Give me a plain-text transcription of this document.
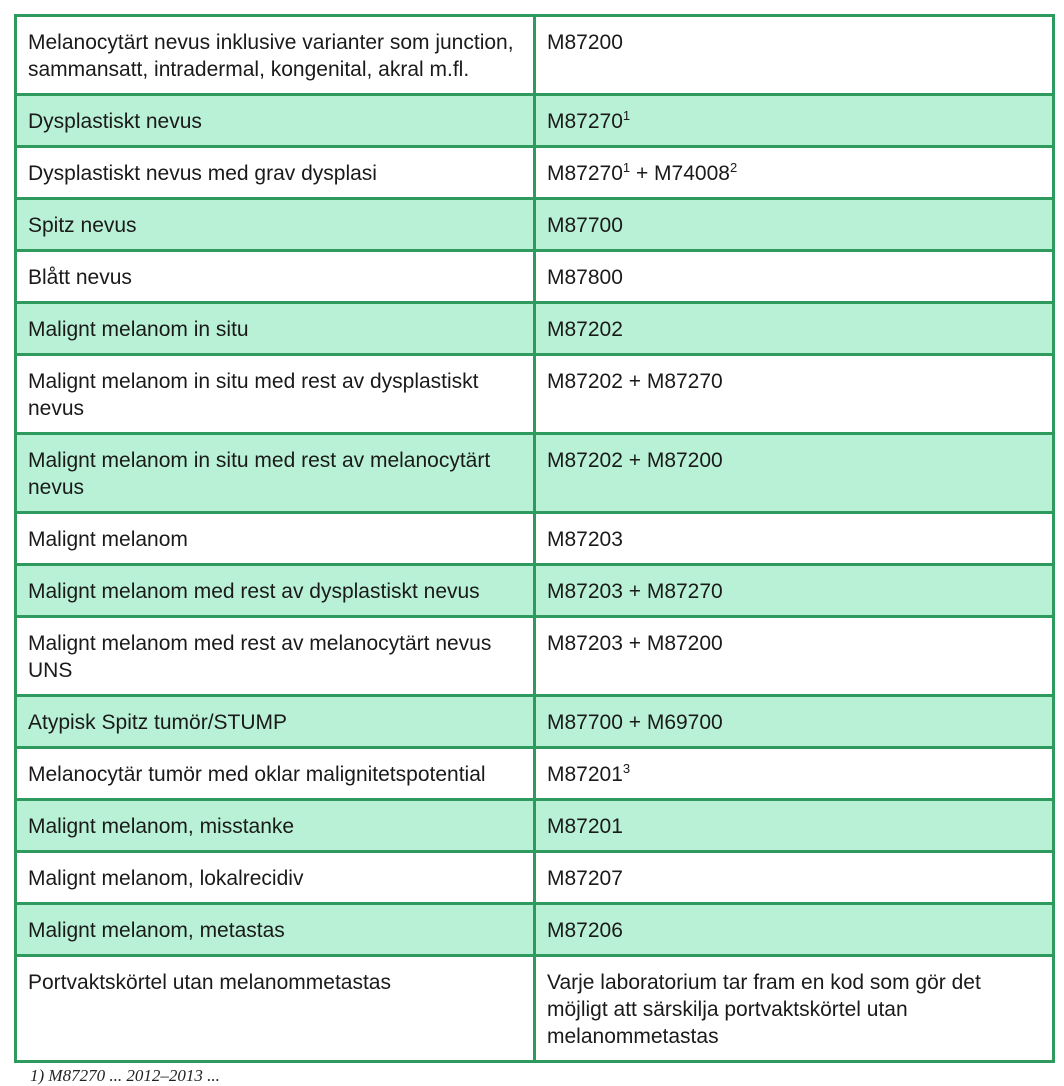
Melanocytärt nevus inklusive varianter som junction, sammansatt, intradermal, kongenital, akral m.fl.	M87200
Dysplastiskt nevus	M87270$^1$
Dysplastiskt nevus med grav dysplasi	$M87270^1 + M74008^2$
Spitz nevus	M87700
Blått nevus	M87800
Malignt melanom in situ	M87202
Malignt melanom in situ med rest av dysplastiskt nevus	M87202 + M87270
Malignt melanom in situ med rest av melanocytärt nevus	M87202 + M87200
Malignt melanom	M87203
Malignt melanom med rest av dysplastiskt nevus	M87203 + M87270
Malignt melanom med rest av melanocytärt nevus UNS	M87203 + M87200
Atypisk Spitz tumör/STUMP	M87700 + M69700
Melanocytär tumör med oklar malignitetspotential	M87201$^3$
Malignt melanom, misstanke	M87201
Malignt melanom, lokalrecidiv	M87207
Malignt melanom, metastas	M87206
Portvaktskörtel utan melanommetastas	Varje laboratorium tar fram en kod som gör det möjligt att särskilja portvaktskörtel utan melanommetastas
1) M87270 ... 2012–2013 ...
